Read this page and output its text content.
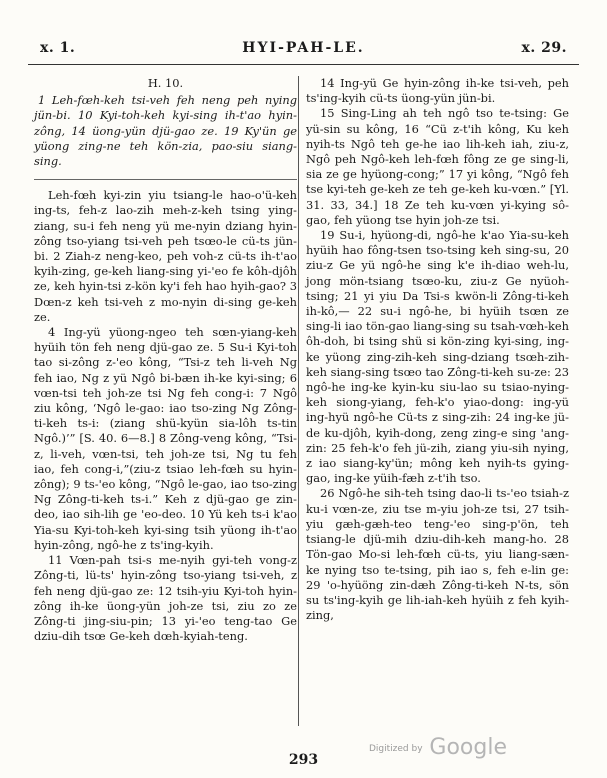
x. 1.	HYI-PAH-LE.	x. 29.

H. 10.

1 Leh-fœh-keh tsi-veh feh neng peh nying jün-bi. 10 Kyi-toh-keh kyi-sing ih-t'ao hyin-zông, 14 üong-yün djü-gao ze. 19 Ky'ün ge yüong zing-ne teh kön-zia, pao-siu siang-sing.

Leh-fœh kyi-zin yiu tsiang-le hao-o'ü-keh ing-ts, feh-z lao-zih meh-z-keh tsing ying-ziang, su-i feh neng yü me-nyin dziang hyin-zông tso-yiang tsi-veh peh tsœo-le cü-ts jün-bi. 2 Ziah-z neng-keo, peh voh-z cü-ts ih-t'ao kyih-zing, ge-keh liang-sing yi-'eo fe kôh-djôh ze, keh hyin-tsi z-kön ky'i feh hao hyih-gao? 3 Dœn-z keh tsi-veh z mo-nyin di-sing ge-keh ze.

4 Ing-yü yüong-ngeo teh sœn-yiang-keh hyüih tön feh neng djü-gao ze. 5 Su-i Kyi-toh tao si-zông z-'eo kông, “Tsi-z teh li-veh Ng feh iao, Ng z yü Ngô bi-bæn ih-ke kyi-sing; 6 vœn-tsi teh joh-ze tsi Ng feh cong-i: 7 Ngô ziu kông, ‘Ngô le-gao: iao tso-zing Ng Zông-ti-keh ts-i: (ziang shü-kyün sia-lôh ts-tin Ngô.)’” [S. 40. 6—8.] 8 Zông-veng kông, “Tsi-z, li-veh, vœn-tsi, teh joh-ze tsi, Ng tu feh iao, feh cong-i,”(ziu-z tsiao leh-fœh su hyin-zông); 9 ts-'eo kông, “Ngô le-gao, iao tso-zing Ng Zông-ti-keh ts-i.” Keh z djü-gao ge zin-deo, iao sih-lih ge 'eo-deo. 10 Yü keh ts-i k'ao Yia-su Kyi-toh-keh kyi-sing tsih yüong ih-t'ao hyin-zông, ngô-he z ts'ing-kyih.

11 Vœn-pah tsi-s me-nyih gyi-teh vong-z Zông-ti, lü-ts' hyin-zông tso-yiang tsi-veh, z feh neng djü-gao ze: 12 tsih-yiu Kyi-toh hyin-zông ih-ke üong-yün joh-ze tsi, ziu zo ze Zông-ti jing-siu-pin; 13 yi-'eo teng-tao Ge dziu-dih tsœ Ge-keh dœh-kyiah-teng.

14 Ing-yü Ge hyin-zông ih-ke tsi-veh, peh ts'ing-kyih cü-ts üong-yün jün-bi.

15 Sing-Ling ah teh ngô tso te-tsing: Ge yü-sin su kông, 16 “Cü z-t'ih kông, Ku keh nyih-ts Ngô teh ge-he iao lih-keh iah, ziu-z, Ngô peh Ngô-keh leh-fœh fông ze ge sing-li, sia ze ge hyüong-cong;” 17 yi kông, “Ngô feh tse kyi-teh ge-keh ze teh ge-keh ku-vœn.” [Yl. 31. 33, 34.] 18 Ze teh ku-vœn yi-kying sô-gao, feh yüong tse hyin joh-ze tsi.

19 Su-i, hyüong-di, ngô-he k'ao Yia-su-keh hyüih hao fông-tsen tso-tsing keh sing-su, 20 ziu-z Ge yü ngô-he sing k'e ih-diao weh-lu, jong mön-tsiang tsœo-ku, ziu-z Ge nyüoh-tsing; 21 yi yiu Da Tsi-s kwön-li Zông-ti-keh ih-kô,— 22 su-i ngô-he, bi hyüih tsœn ze sing-li iao tön-gao liang-sing su tsah-vœh-keh ôh-doh, bi tsing shü si kön-zing kyi-sing, ing-ke yüong zing-zih-keh sing-dziang tsœh-zih-keh siang-sing tsœo tao Zông-ti-keh su-ze: 23 ngô-he ing-ke kyin-ku siu-lao su tsiao-nying-keh siong-yiang, feh-k'o yiao-dong: ing-yü ing-hyü ngô-he Cü-ts z sing-zih: 24 ing-ke jü-de ku-djôh, kyih-dong, zeng zing-e sing 'ang-zin: 25 feh-k'o feh jü-zih, ziang yiu-sih nying, z iao siang-ky'ün; mông keh nyih-ts gying-gao, ing-ke yüih-fæh z-t'ih tso.

26 Ngô-he sih-teh tsing dao-li ts-'eo tsiah-z ku-i vœn-ze, ziu tse m-yiu joh-ze tsi, 27 tsih-yiu gæh-gæh-teo teng-'eo sing-p'ön, teh tsiang-le djü-mih dziu-dih-keh mang-ho. 28 Tön-gao Mo-si leh-fœh cü-ts, yiu liang-sæn-ke nying tso te-tsing, pih iao s, feh e-lin ge: 29 'o-hyüöng zin-dæh Zông-ti-keh N-ts, sön su ts'ing-kyih ge lih-iah-keh hyüih z feh kyih-zing,

293
Digitized by Google
